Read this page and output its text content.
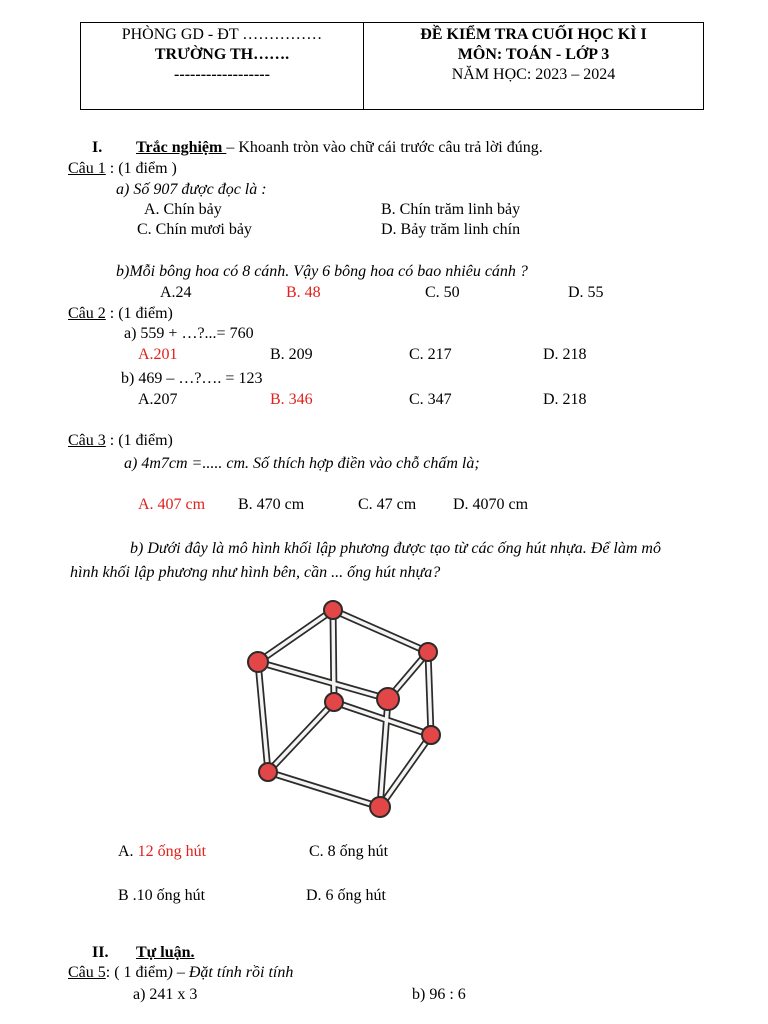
PHÒNG GD - ĐT ……………
TRƯỜNG TH…….
------------------
ĐỀ KIỂM TRA CUỐI HỌC KÌ I
MÔN: TOÁN - LỚP 3
NĂM HỌC: 2023 – 2024
I. Trắc nghiệm – Khoanh tròn vào chữ cái trước câu trả lời đúng.
Câu 1 : (1 điểm )
a) Số 907 được đọc là :
A. Chín bảy	B. Chín trăm linh bảy
C. Chín mươi bảy	D. Bảy trăm linh chín
b)Mỗi bông hoa có 8 cánh. Vậy 6 bông hoa có bao nhiêu cánh ?
A.24	B. 48	C. 50	D. 55
Câu 2 : (1 điểm)
a) 559 + …?...= 760
A.201	B. 209	C. 217	D. 218
b) 469 – …?…. = 123
A.207	B. 346	C. 347	D. 218
Câu 3 : (1 điểm)
a) 4m7cm =..... cm. Số thích hợp điền vào chỗ chấm là;
A. 407 cm B. 470 cm	C. 47 cm D. 4070 cm
b) Dưới đây là mô hình khối lập phương được tạo từ các ống hút nhựa. Để làm mô
hình khối lập phương như hình bên, cần ... ống hút nhựa?
A. 12 ống hút	C. 8 ống hút
B .10 ống hút	D. 6 ống hút
II. Tự luận.
Câu 5: ( 1 điểm) – Đặt tính rồi tính
a) 241 x 3	b) 96 : 6
